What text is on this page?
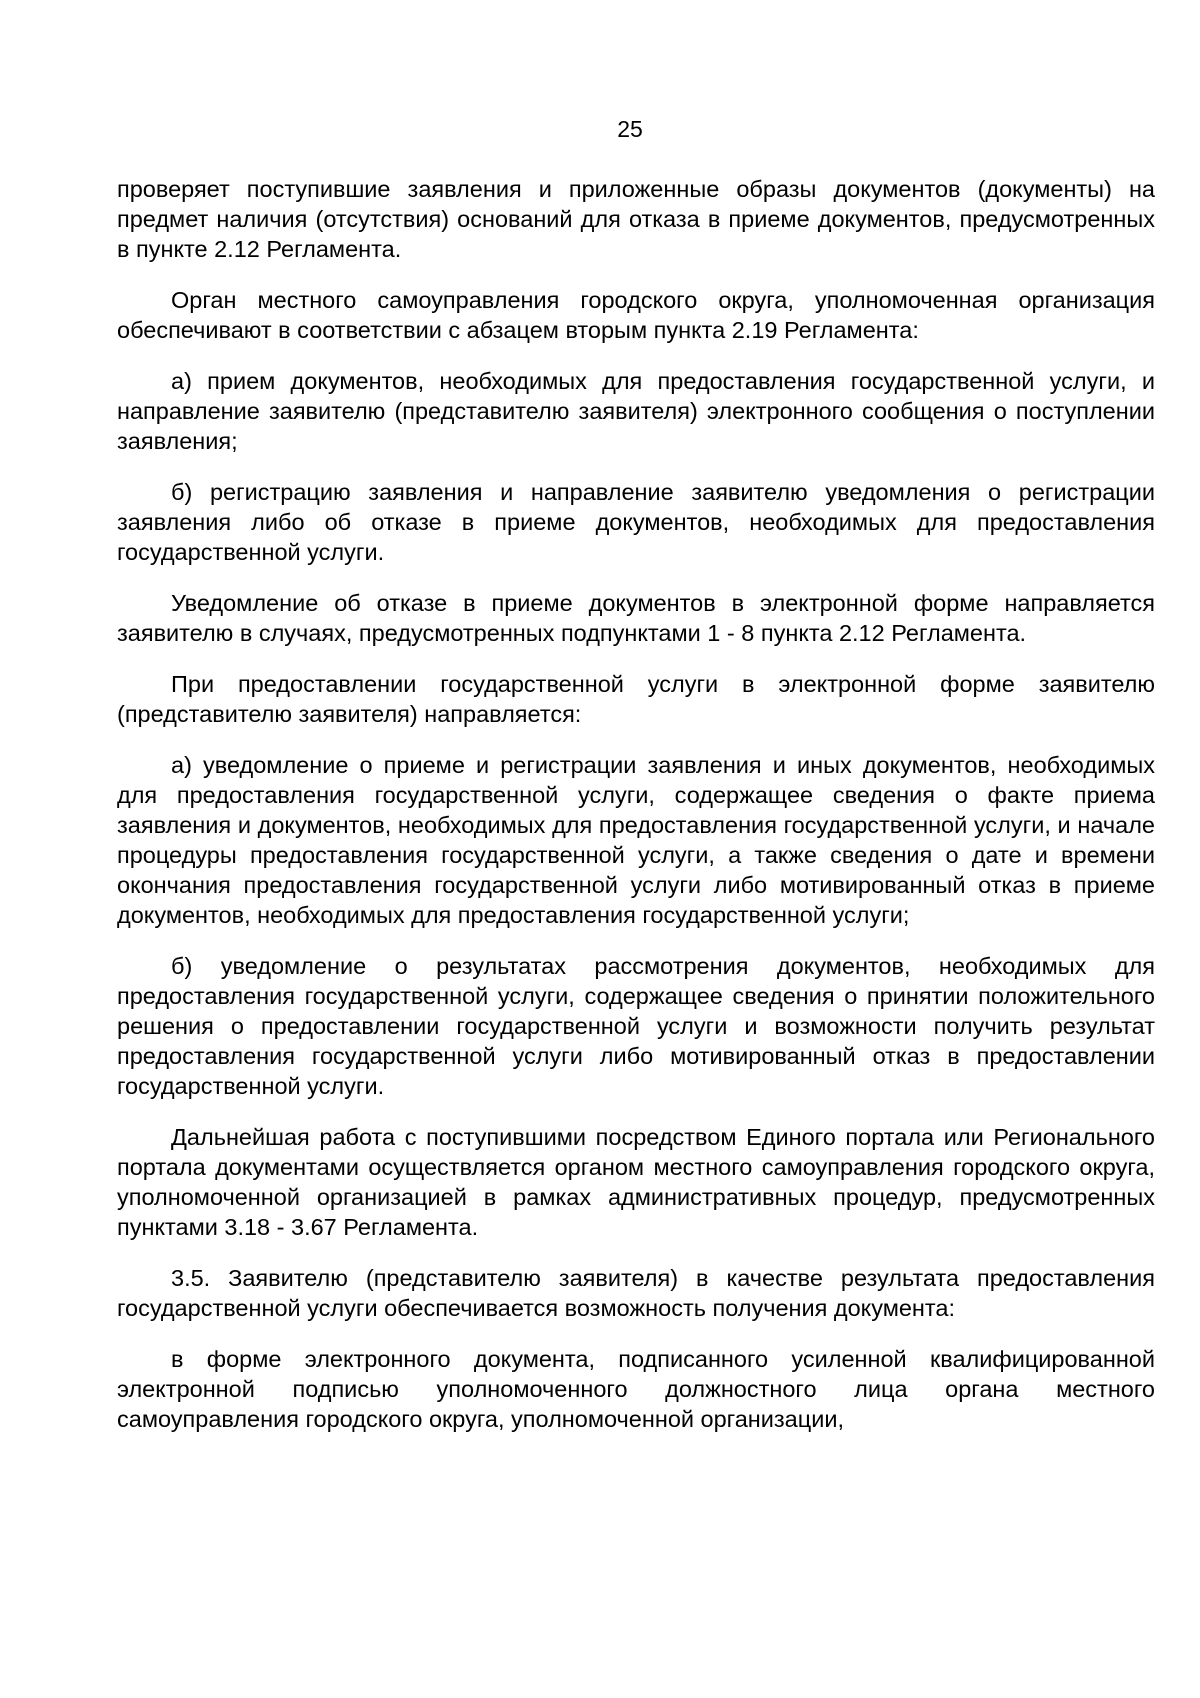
25

проверяет поступившие заявления и приложенные образы документов (документы) на предмет наличия (отсутствия) оснований для отказа в приеме документов, предусмотренных в пункте 2.12 Регламента.

Орган местного самоуправления городского округа, уполномоченная организация обеспечивают в соответствии с абзацем вторым пункта 2.19 Регламента:

а) прием документов, необходимых для предоставления государственной услуги, и направление заявителю (представителю заявителя) электронного сообщения о поступлении заявления;

б) регистрацию заявления и направление заявителю уведомления о регистрации заявления либо об отказе в приеме документов, необходимых для предоставления государственной услуги.

Уведомление об отказе в приеме документов в электронной форме направляется заявителю в случаях, предусмотренных подпунктами 1 - 8 пункта 2.12 Регламента.

При предоставлении государственной услуги в электронной форме заявителю (представителю заявителя) направляется:

а) уведомление о приеме и регистрации заявления и иных документов, необходимых для предоставления государственной услуги, содержащее сведения о факте приема заявления и документов, необходимых для предоставления государственной услуги, и начале процедуры предоставления государственной услуги, а также сведения о дате и времени окончания предоставления государственной услуги либо мотивированный отказ в приеме документов, необходимых для предоставления государственной услуги;

б) уведомление о результатах рассмотрения документов, необходимых для предоставления государственной услуги, содержащее сведения о принятии положительного решения о предоставлении государственной услуги и возможности получить результат предоставления государственной услуги либо мотивированный отказ в предоставлении государственной услуги.

Дальнейшая работа с поступившими посредством Единого портала или Регионального портала документами осуществляется органом местного самоуправления городского округа, уполномоченной организацией в рамках административных процедур, предусмотренных пунктами 3.18 - 3.67 Регламента.

3.5. Заявителю (представителю заявителя) в качестве результата предоставления государственной услуги обеспечивается возможность получения документа:

в форме электронного документа, подписанного усиленной квалифицированной электронной подписью уполномоченного должностного лица органа местного самоуправления городского округа, уполномоченной организации,
